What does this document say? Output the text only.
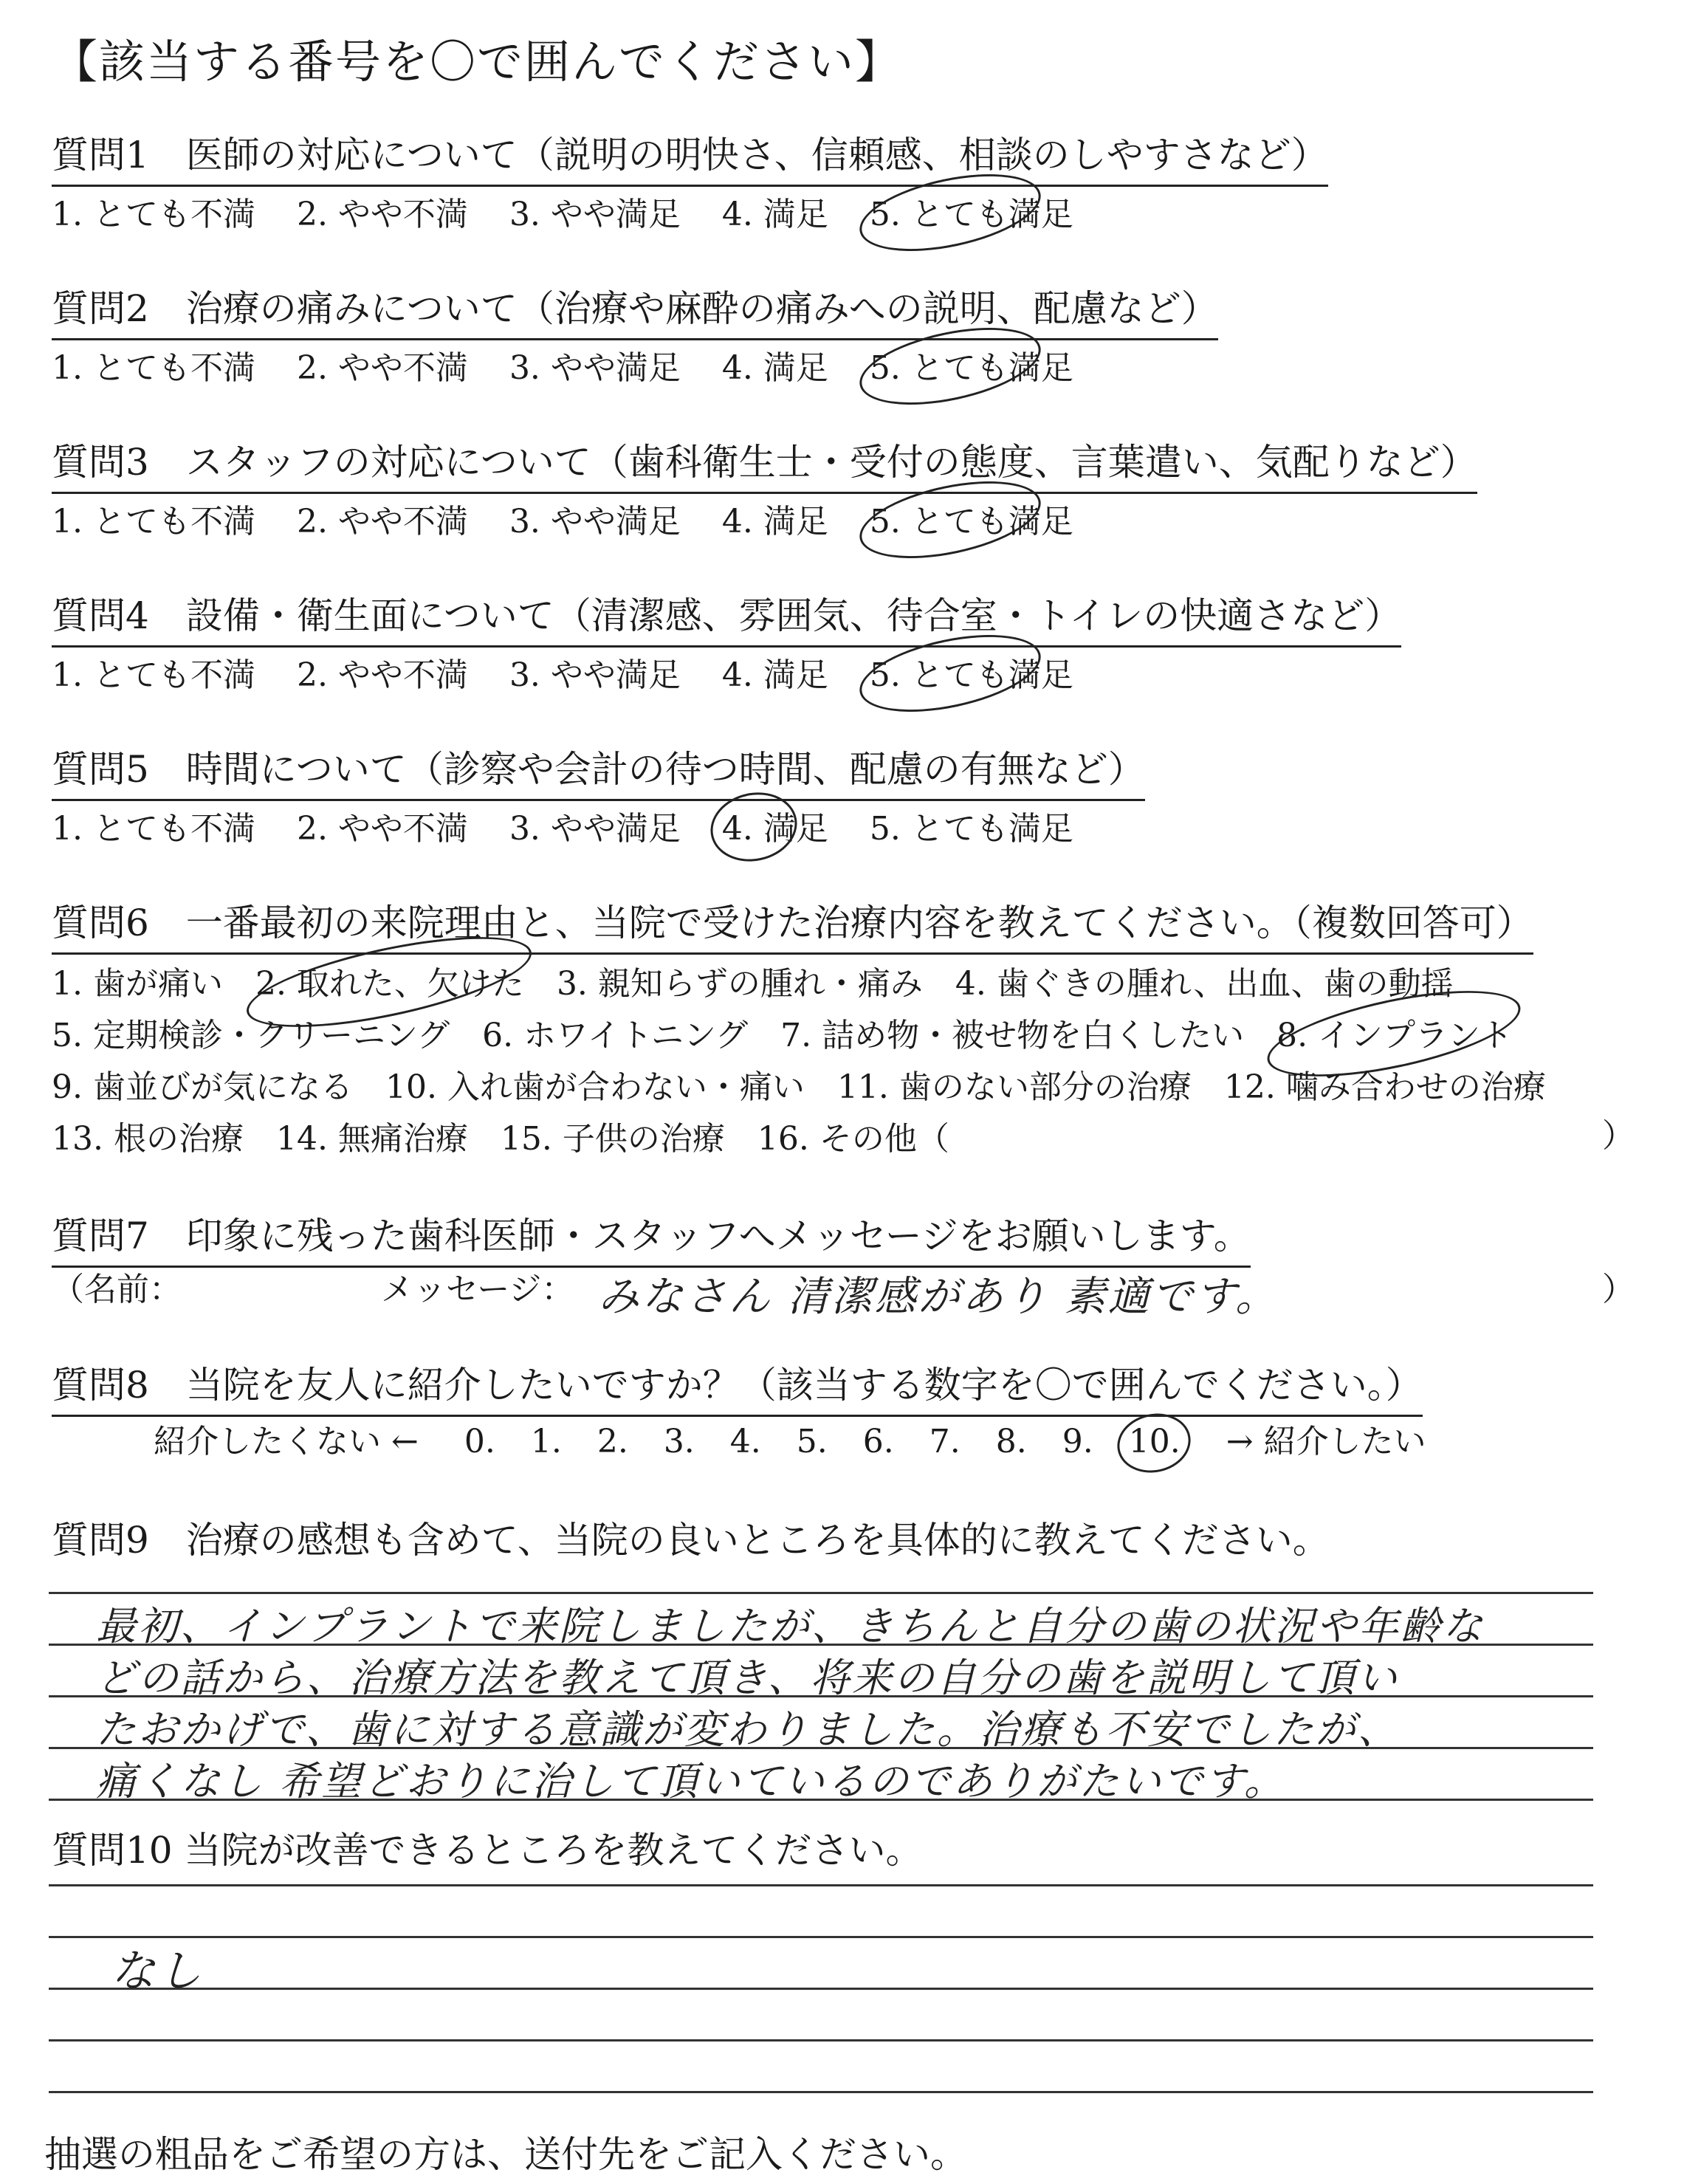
【該当する番号を〇で囲んでください】
質問1　医師の対応について（説明の明快さ、信頼感、相談のしやすさなど）
1. とても不満 2. やや不満 3. やや満足 4. 満足 5. とても満足
質問2　治療の痛みについて（治療や麻酔の痛みへの説明、配慮など）
1. とても不満 2. やや不満 3. やや満足 4. 満足 5. とても満足
質問3　スタッフの対応について（歯科衛生士・受付の態度、言葉遣い、気配りなど）
1. とても不満 2. やや不満 3. やや満足 4. 満足 5. とても満足
質問4　設備・衛生面について（清潔感、雰囲気、待合室・トイレの快適さなど）
1. とても不満 2. やや不満 3. やや満足 4. 満足 5. とても満足
質問5　時間について（診察や会計の待つ時間、配慮の有無など）
1. とても不満 2. やや不満 3. やや満足 4. 満足 5. とても満足
質問6　一番最初の来院理由と、当院で受けた治療内容を教えてください。（複数回答可）
1. 歯が痛い 2. 取れた、欠けた 3. 親知らずの腫れ・痛み 4. 歯ぐきの腫れ、出血、歯の動揺
5. 定期検診・クリーニング 6. ホワイトニング 7. 詰め物・被せ物を白くしたい 8. インプラント
9. 歯並びが気になる 10. 入れ歯が合わない・痛い 11. 歯のない部分の治療 12. 噛み合わせの治療
13. 根の治療 14. 無痛治療 15. 子供の治療 16. その他（	）
質問7　印象に残った歯科医師・スタッフへメッセージをお願いします。
（名前：	メッセージ： みなさん 清潔感があり 素適です。	）
質問8　当院を友人に紹介したいですか？（該当する数字を〇で囲んでください。）
紹介したくない ← 0. 1. 2. 3. 4. 5. 6. 7. 8. 9. 10. → 紹介したい
質問9　治療の感想も含めて、当院の良いところを具体的に教えてください。
最初、インプラントで来院しましたが、きちんと自分の歯の状況や年齢な
どの話から、治療方法を教えて頂き、将来の自分の歯を説明して頂い
たおかげで、歯に対する意識が変わりました。治療も不安でしたが、
痛くなし 希望どおりに治して頂いているのでありがたいです。
質問10 当院が改善できるところを教えてください。
なし
抽選の粗品をご希望の方は、送付先をご記入ください。
